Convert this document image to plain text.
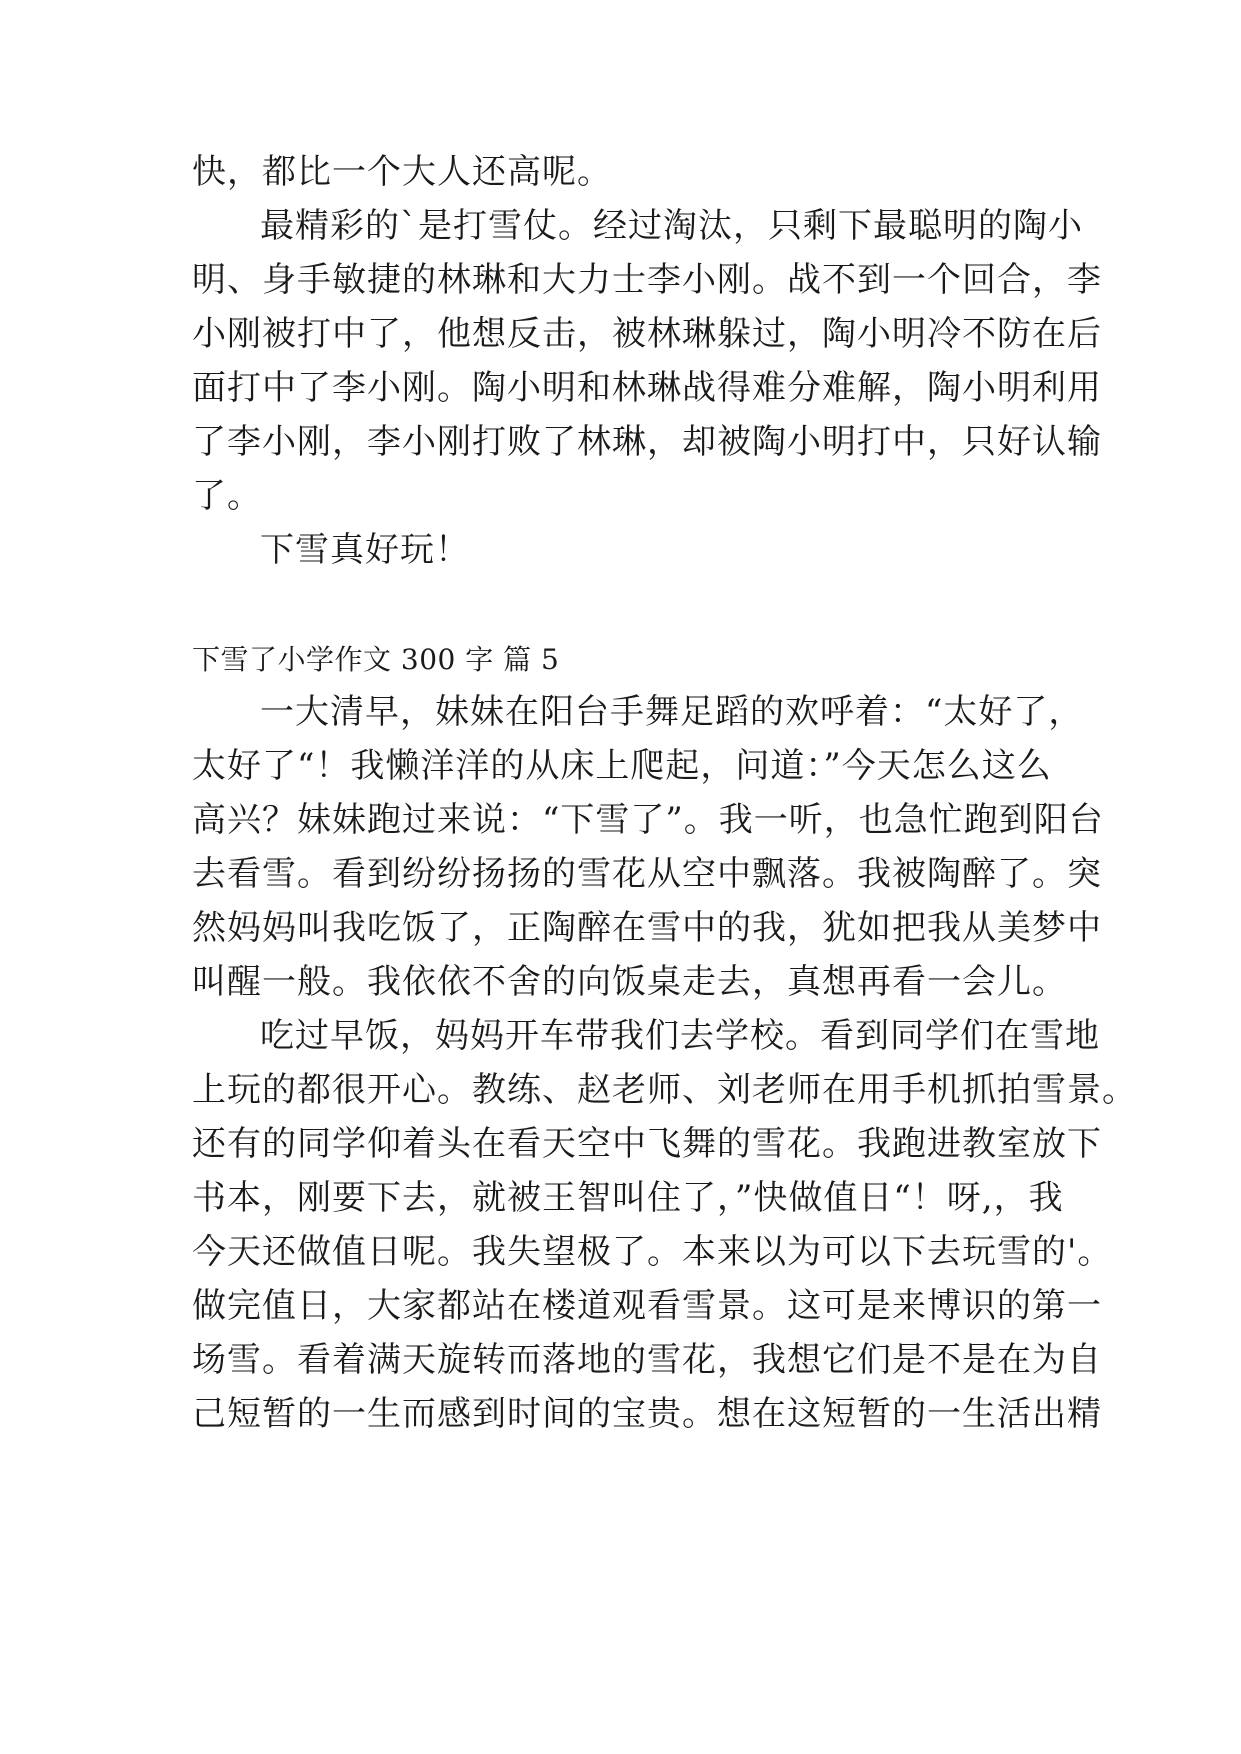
快，都比一个大人还高呢。
最精彩的`是打雪仗。经过淘汰，只剩下最聪明的陶小
明、身手敏捷的林琳和大力士李小刚。战不到一个回合，李
小刚被打中了，他想反击，被林琳躲过，陶小明冷不防在后
面打中了李小刚。陶小明和林琳战得难分难解，陶小明利用
了李小刚，李小刚打败了林琳，却被陶小明打中，只好认输
了。
下雪真好玩！
下雪了小学作文 300 字 篇 5
一大清早，妹妹在阳台手舞足蹈的欢呼着：“太好了，
太好了“！我懒洋洋的从床上爬起，问道：”今天怎么这么
高兴？妹妹跑过来说：“下雪了”。我一听，也急忙跑到阳台
去看雪。看到纷纷扬扬的雪花从空中飘落。我被陶醉了。突
然妈妈叫我吃饭了，正陶醉在雪中的我，犹如把我从美梦中
叫醒一般。我依依不舍的向饭桌走去，真想再看一会儿。
吃过早饭，妈妈开车带我们去学校。看到同学们在雪地
上玩的都很开心。教练、赵老师、刘老师在用手机抓拍雪景。
还有的同学仰着头在看天空中飞舞的雪花。我跑进教室放下
书本，刚要下去，就被王智叫住了，”快做值日“！呀,，我
今天还做值日呢。我失望极了。本来以为可以下去玩雪的'。
做完值日，大家都站在楼道观看雪景。这可是来博识的第一
场雪。看着满天旋转而落地的雪花，我想它们是不是在为自
己短暂的一生而感到时间的宝贵。想在这短暂的一生活出精
